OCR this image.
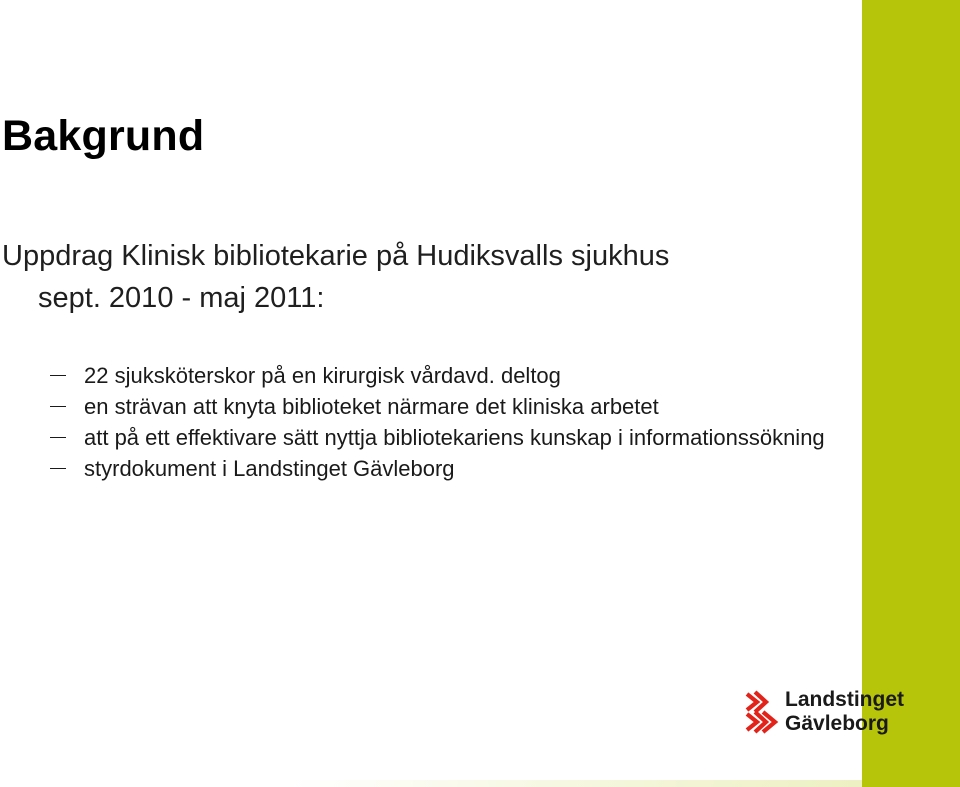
Bakgrund
Uppdrag Klinisk bibliotekarie på Hudiksvalls sjukhus
sept. 2010 - maj 2011:
22 sjuksköterskor på en kirurgisk vårdavd. deltog
en strävan att knyta biblioteket närmare det kliniska arbetet
att på ett effektivare sätt nyttja bibliotekariens kunskap i informationssökning
styrdokument i Landstinget Gävleborg
Landstinget
Gävleborg
